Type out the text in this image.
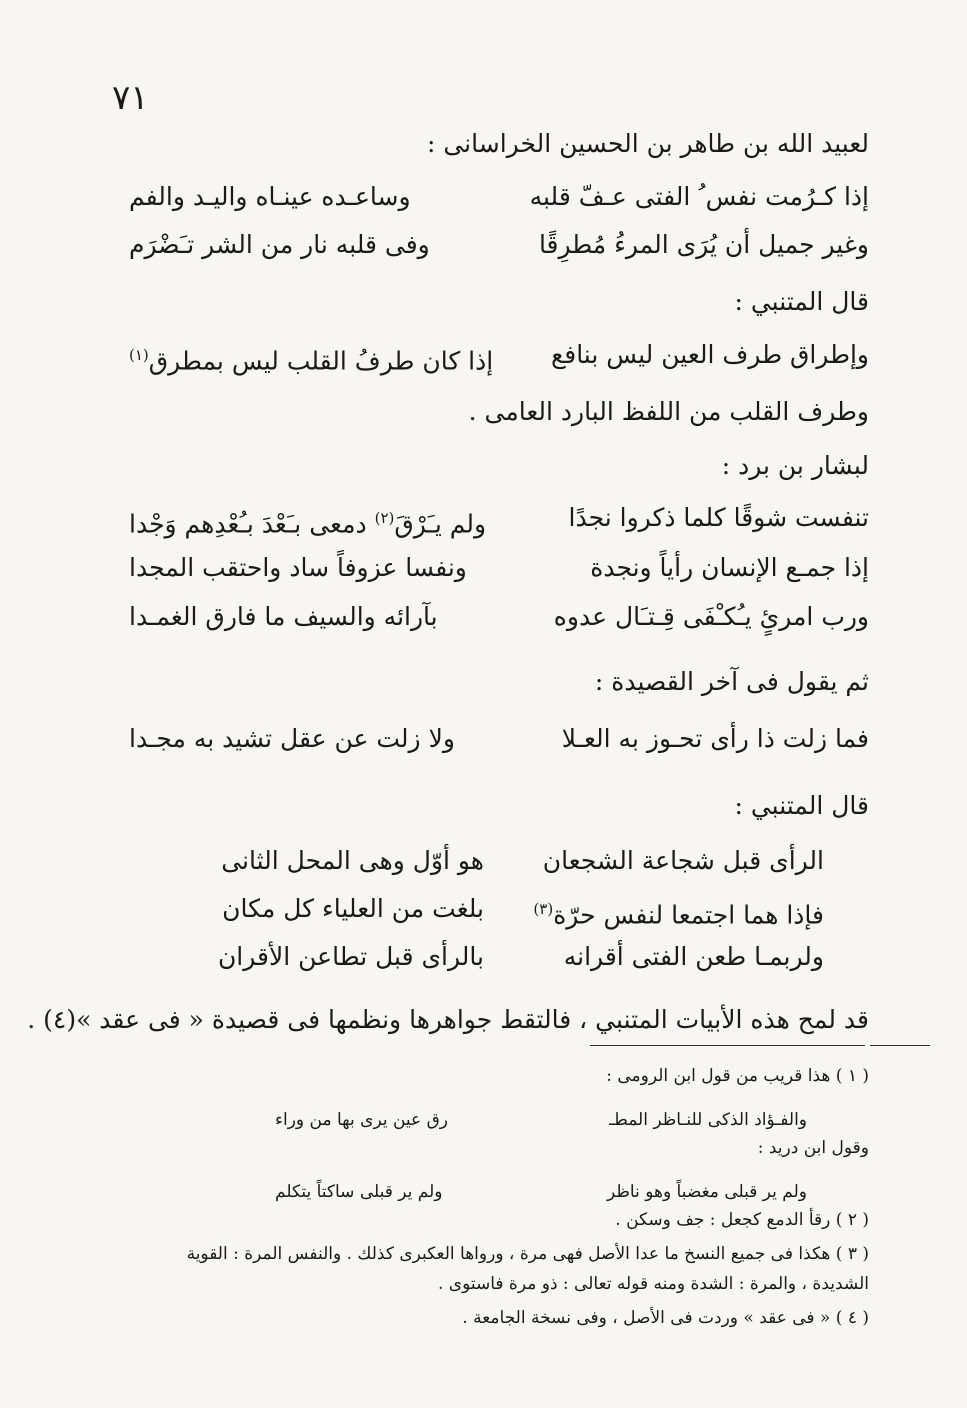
٧١
لعبيد الله بن طاهر بن الحسين الخراسانى :
إذا كـرُمت نفس ُ الفتى عـفّ قلبه
وساعـده عينـاه واليـد والفم
وغير جميل أن يُرَى المرءُ مُطرِقًا
وفى قلبه نار من الشر تـَضْرَم
قال المتنبي :
وإطراق طرف العين ليس بنافع
إذا كان طرفُ القلب ليس بمطرق$^{(١)}$
وطرف القلب من اللفظ البارد العامى .
لبشار بن برد :
تنفست شوقًا كلما ذكروا نجدًا
ولم يـَرْقَ$^{(٢)}$ دمعى بـَعْدَ بـُعْدِهم وَجْدا
إذا جمـع الإنسان رأياً ونجدة
ونفسا عزوفاً ساد واحتقب المجدا
ورب امرئٍ يـُكـْفَى قِـتـَال عدوه
بآرائه والسيف ما فارق الغمـدا
ثم يقول فى آخر القصيدة :
فما زلت ذا رأى تحـوز به العـلا
ولا زلت عن عقل تشيد به مجـدا
قال المتنبي :
الرأى قبل شجاعة الشجعان
هو أوّل وهى المحل الثانى
فإذا هما اجتمعا لنفس حرّة$^{(٣)}$
بلغت من العلياء كل مكان
ولربمـا طعن الفتى أقرانه
بالرأى قبل تطاعن الأقران
قد لمح هذه الأبيات المتنبي ، فالتقط جواهرها ونظمها فى قصيدة « فى عقد »(٤) .
( ١ ) هذا قريب من قول ابن الرومى :
والفـؤاد الذكى للنـاظر المطـ
رق عين يرى بها من وراء
وقول ابن دريد :
ولم ير قبلى مغضباً وهو ناظر
ولم ير قبلى ساكتاً يتكلم
( ٢ ) رقأ الدمع كجعل : جف وسكن .
( ٣ ) هكذا فى جميع النسخ ما عدا الأصل فهى مرة ، ورواها العكبرى كذلك . والنفس المرة : القوية
الشديدة ، والمرة : الشدة ومنه قوله تعالى : ذو مرة فاستوى .
( ٤ ) « فى عقد » وردت فى الأصل ، وفى نسخة الجامعة .
